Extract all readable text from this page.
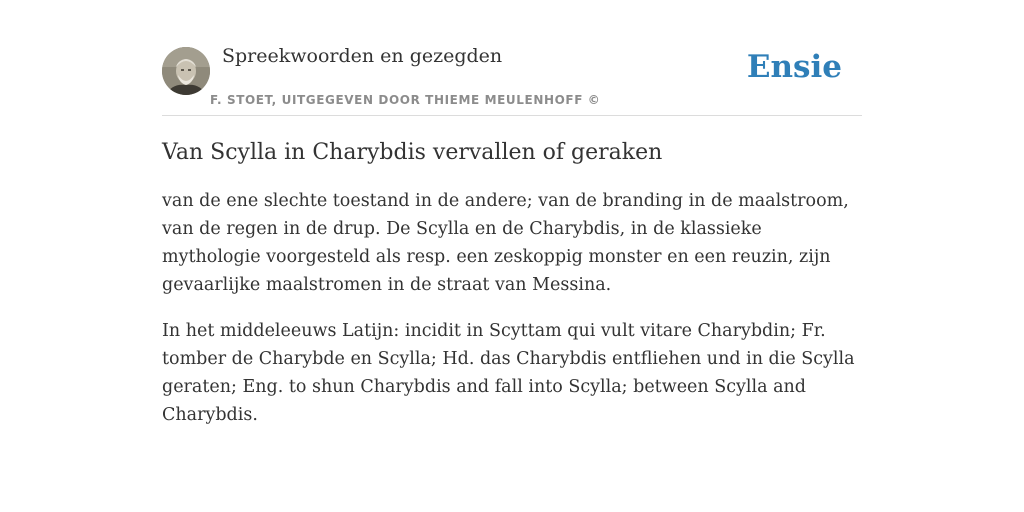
Spreekwoorden en gezegden
F. STOET, UITGEGEVEN DOOR THIEME MEULENHOFF ©
Ensie
Van Scylla in Charybdis vervallen of geraken
van de ene slechte toestand in de andere; van de branding in de maalstroom, van de regen in de drup. De Scylla en de Charybdis, in de klassieke mythologie voorgesteld als resp. een zeskoppig monster en een reuzin, zijn gevaarlijke maalstromen in de straat van Messina.
In het middeleeuws Latijn: incidit in Scyttam qui vult vitare Charybdin; Fr. tomber de Charybde en Scylla; Hd. das Charybdis entfliehen und in die Scylla geraten; Eng. to shun Charybdis and fall into Scylla; between Scylla and Charybdis.
